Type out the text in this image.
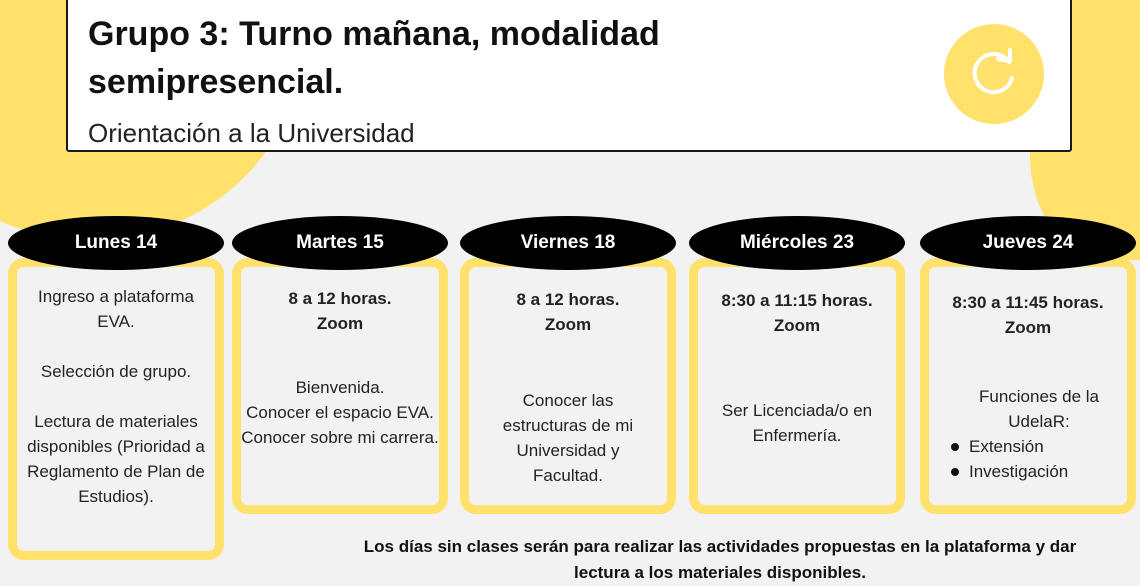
Grupo 3: Turno mañana, modalidad semipresencial.
Orientación a la Universidad
Lunes 14
Ingreso a plataforma EVA.
Selección de grupo.
Lectura de materiales disponibles (Prioridad a Reglamento de Plan de Estudios).
Martes 15
8 a 12 horas.
Zoom
Bienvenida.
Conocer el espacio EVA.
Conocer sobre mi carrera.
Viernes 18
8 a 12 horas.
Zoom
Conocer las estructuras de mi Universidad y Facultad.
Miércoles 23
8:30 a 11:15 horas.
Zoom
Ser Licenciada/o en Enfermería.
Jueves 24
8:30 a 11:45 horas.
Zoom
Funciones de la UdelaR:
Extensión
Investigación
Los días sin clases serán para realizar las actividades propuestas en la plataforma y dar lectura a los materiales disponibles.
